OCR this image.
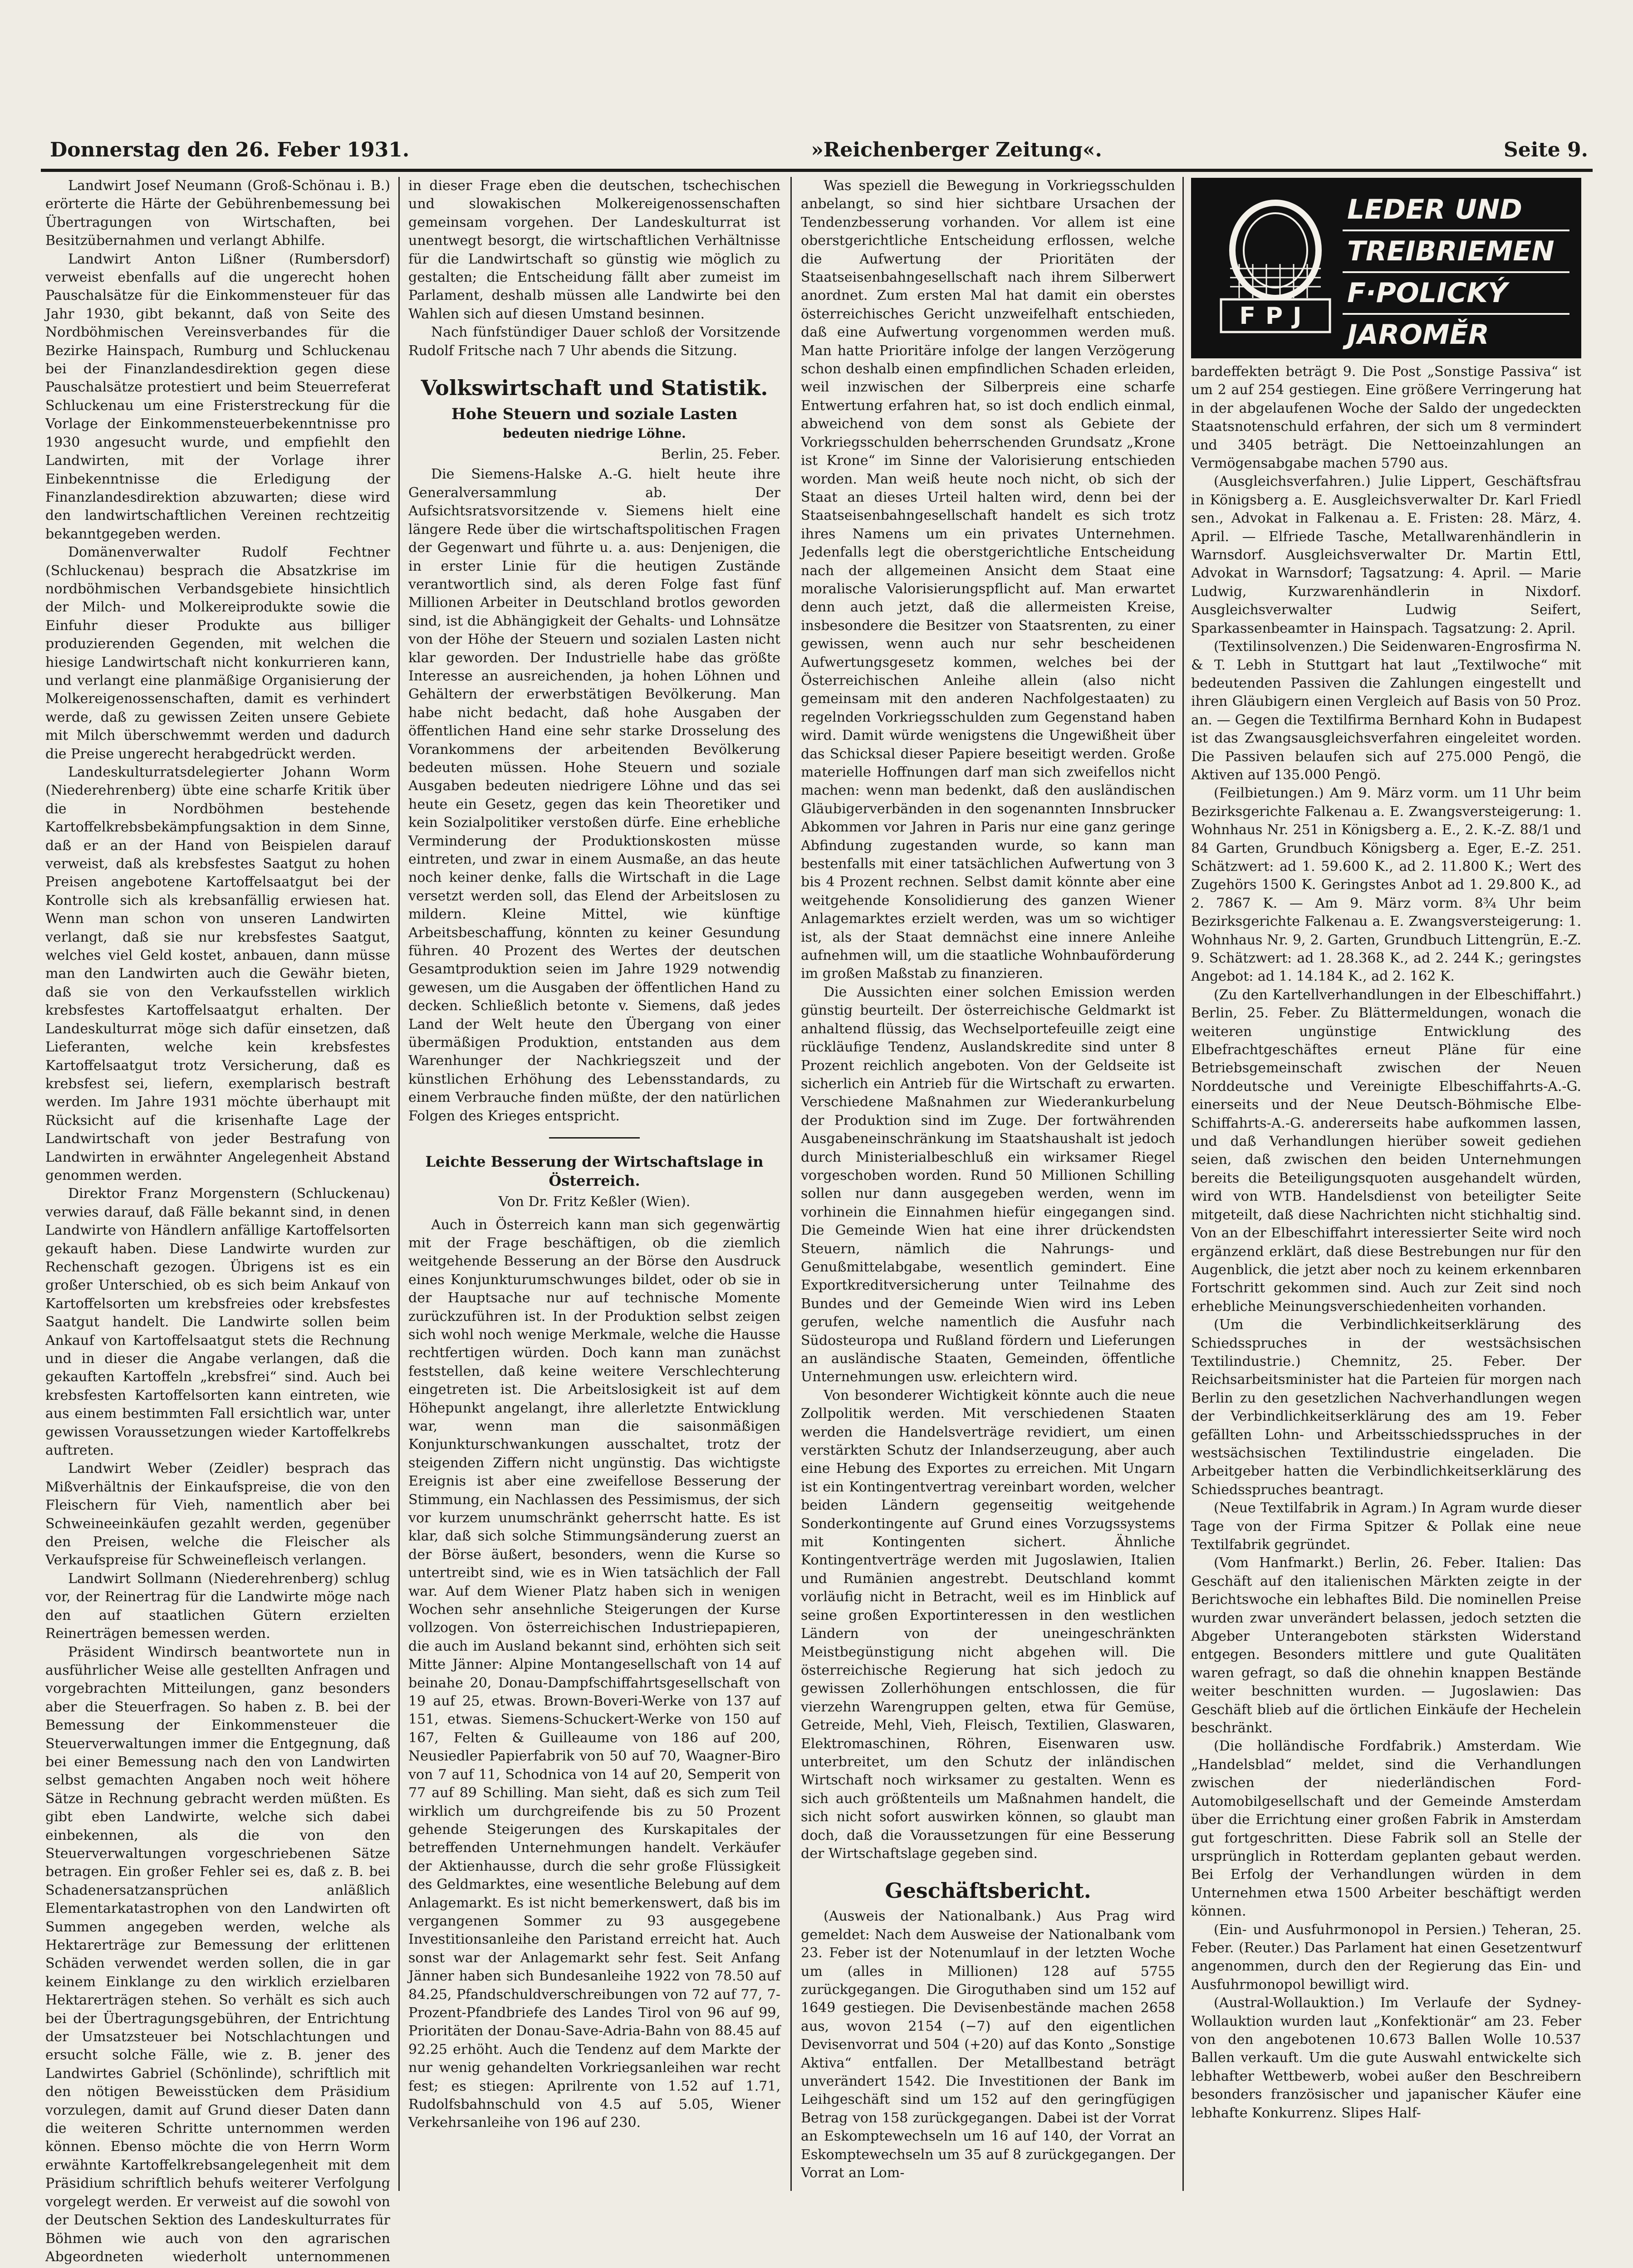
Donnerstag den 26. Feber 1931.	»Reichenberger Zeitung«.	Seite 9.

Landwirt Josef Neumann (Groß-Schönau i. B.) erörterte die Härte der Gebührenbemessung bei Übertragungen von Wirtschaften, bei Besitzübernahmen und verlangt Abhilfe.

Landwirt Anton Lißner (Rumbersdorf) verweist ebenfalls auf die ungerecht hohen Pauschalsätze für die Einkommensteuer für das Jahr 1930, gibt bekannt, daß von Seite des Nordböhmischen Vereinsverbandes für die Bezirke Hainspach, Rumburg und Schluckenau bei der Finanzlandesdirektion gegen diese Pauschalsätze protestiert und beim Steuerreferat Schluckenau um eine Fristerstreckung für die Vorlage der Einkommensteuerbekenntnisse pro 1930 angesucht wurde, und empfiehlt den Landwirten, mit der Vorlage ihrer Einbekenntnisse die Erledigung der Finanzlandesdirektion abzuwarten; diese wird den landwirtschaftlichen Vereinen rechtzeitig bekanntgegeben werden.

Domänenverwalter Rudolf Fechtner (Schluckenau) besprach die Absatzkrise im nordböhmischen Verbandsgebiete hinsichtlich der Milch- und Molkereiprodukte sowie die Einfuhr dieser Produkte aus billiger produzierenden Gegenden, mit welchen die hiesige Landwirtschaft nicht konkurrieren kann, und verlangt eine planmäßige Organisierung der Molkereigenossenschaften, damit es verhindert werde, daß zu gewissen Zeiten unsere Gebiete mit Milch überschwemmt werden und dadurch die Preise ungerecht herabgedrückt werden.

Landeskulturratsdelegierter Johann Worm (Niederehrenberg) übte eine scharfe Kritik über die in Nordböhmen bestehende Kartoffelkrebsbekämpfungsaktion in dem Sinne, daß er an der Hand von Beispielen darauf verweist, daß als krebsfestes Saatgut zu hohen Preisen angebotene Kartoffelsaatgut bei der Kontrolle sich als krebsanfällig erwiesen hat. Wenn man schon von unseren Landwirten verlangt, daß sie nur krebsfestes Saatgut, welches viel Geld kostet, anbauen, dann müsse man den Landwirten auch die Gewähr bieten, daß sie von den Verkaufsstellen wirklich krebsfestes Kartoffelsaatgut erhalten. Der Landeskulturrat möge sich dafür einsetzen, daß Lieferanten, welche kein krebsfestes Kartoffelsaatgut trotz Versicherung, daß es krebsfest sei, liefern, exemplarisch bestraft werden. Im Jahre 1931 möchte überhaupt mit Rücksicht auf die krisenhafte Lage der Landwirtschaft von jeder Bestrafung von Landwirten in erwähnter Angelegenheit Abstand genommen werden.

Direktor Franz Morgenstern (Schluckenau) verwies darauf, daß Fälle bekannt sind, in denen Landwirte von Händlern anfällige Kartoffelsorten gekauft haben. Diese Landwirte wurden zur Rechenschaft gezogen. Übrigens ist es ein großer Unterschied, ob es sich beim Ankauf von Kartoffelsorten um krebsfreies oder krebsfestes Saatgut handelt. Die Landwirte sollen beim Ankauf von Kartoffelsaatgut stets die Rechnung und in dieser die Angabe verlangen, daß die gekauften Kartoffeln „krebsfrei“ sind. Auch bei krebsfesten Kartoffelsorten kann eintreten, wie aus einem bestimmten Fall ersichtlich war, unter gewissen Voraussetzungen wieder Kartoffelkrebs auftreten.

Landwirt Weber (Zeidler) besprach das Mißverhältnis der Einkaufspreise, die von den Fleischern für Vieh, namentlich aber bei Schweineeinkäufen gezahlt werden, gegenüber den Preisen, welche die Fleischer als Verkaufspreise für Schweinefleisch verlangen.

Landwirt Sollmann (Niederehrenberg) schlug vor, der Reinertrag für die Landwirte möge nach den auf staatlichen Gütern erzielten Reinerträgen bemessen werden.

Präsident Windirsch beantwortete nun in ausführlicher Weise alle gestellten Anfragen und vorgebrachten Mitteilungen, ganz besonders aber die Steuerfragen. So haben z. B. bei der Bemessung der Einkommensteuer die Steuerverwaltungen immer die Entgegnung, daß bei einer Bemessung nach den von Landwirten selbst gemachten Angaben noch weit höhere Sätze in Rechnung gebracht werden müßten. Es gibt eben Landwirte, welche sich dabei einbekennen, als die von den Steuerverwaltungen vorgeschriebenen Sätze betragen. Ein großer Fehler sei es, daß z. B. bei Schadenersatzansprüchen anläßlich Elementarkatastrophen von den Landwirten oft Summen angegeben werden, welche als Hektarerträge zur Bemessung der erlittenen Schäden verwendet werden sollen, die in gar keinem Einklange zu den wirklich erzielbaren Hektarerträgen stehen. So verhält es sich auch bei der Übertragungsgebühren, der Entrichtung der Umsatzsteuer bei Notschlachtungen und ersucht solche Fälle, wie z. B. jener des Landwirtes Gabriel (Schönlinde), schriftlich mit den nötigen Beweisstücken dem Präsidium vorzulegen, damit auf Grund dieser Daten dann die weiteren Schritte unternommen werden können. Ebenso möchte die von Herrn Worm erwähnte Kartoffelkrebsangelegenheit mit dem Präsidium schriftlich behufs weiterer Verfolgung vorgelegt werden. Er verweist auf die sowohl von der Deutschen Sektion des Landeskulturrates für Böhmen wie auch von den agrarischen Abgeordneten wiederholt unternommenen

in dieser Frage eben die deutschen, tschechischen und slowakischen Molkereigenossenschaften gemeinsam vorgehen. Der Landeskulturrat ist unentwegt besorgt, die wirtschaftlichen Verhältnisse für die Landwirtschaft so günstig wie möglich zu gestalten; die Entscheidung fällt aber zumeist im Parlament, deshalb müssen alle Landwirte bei den Wahlen sich auf diesen Umstand besinnen.

Nach fünfstündiger Dauer schloß der Vorsitzende Rudolf Fritsche nach 7 Uhr abends die Sitzung.

Volkswirtschaft und Statistik.
Hohe Steuern und soziale Lasten
bedeuten niedrige Löhne.
Berlin, 25. Feber.

Die Siemens-Halske A.-G. hielt heute ihre Generalversammlung ab. Der Aufsichtsratsvorsitzende v. Siemens hielt eine längere Rede über die wirtschaftspolitischen Fragen der Gegenwart und führte u. a. aus: Denjenigen, die in erster Linie für die heutigen Zustände verantwortlich sind, als deren Folge fast fünf Millionen Arbeiter in Deutschland brotlos geworden sind, ist die Abhängigkeit der Gehalts- und Lohnsätze von der Höhe der Steuern und sozialen Lasten nicht klar geworden. Der Industrielle habe das größte Interesse an ausreichenden, ja hohen Löhnen und Gehältern der erwerbstätigen Bevölkerung. Man habe nicht bedacht, daß hohe Ausgaben der öffentlichen Hand eine sehr starke Drosselung des Vorankommens der arbeitenden Bevölkerung bedeuten müssen. Hohe Steuern und soziale Ausgaben bedeuten niedrigere Löhne und das sei heute ein Gesetz, gegen das kein Theoretiker und kein Sozialpolitiker verstoßen dürfe. Eine erhebliche Verminderung der Produktionskosten müsse eintreten, und zwar in einem Ausmaße, an das heute noch keiner denke, falls die Wirtschaft in die Lage versetzt werden soll, das Elend der Arbeitslosen zu mildern. Kleine Mittel, wie künftige Arbeitsbeschaffung, könnten zu keiner Gesundung führen. 40 Prozent des Wertes der deutschen Gesamtproduktion seien im Jahre 1929 notwendig gewesen, um die Ausgaben der öffentlichen Hand zu decken. Schließlich betonte v. Siemens, daß jedes Land der Welt heute den Übergang von einer übermäßigen Produktion, entstanden aus dem Warenhunger der Nachkriegszeit und der künstlichen Erhöhung des Lebensstandards, zu einem Verbrauche finden müßte, der den natürlichen Folgen des Krieges entspricht.

Leichte Besserung der Wirtschaftslage in Österreich.
Von Dr. Fritz Keßler (Wien).

Auch in Österreich kann man sich gegenwärtig mit der Frage beschäftigen, ob die ziemlich weitgehende Besserung an der Börse den Ausdruck eines Konjunkturumschwunges bildet, oder ob sie in der Hauptsache nur auf technische Momente zurückzuführen ist. In der Produktion selbst zeigen sich wohl noch wenige Merkmale, welche die Hausse rechtfertigen würden. Doch kann man zunächst feststellen, daß keine weitere Verschlechterung eingetreten ist. Die Arbeitslosigkeit ist auf dem Höhepunkt angelangt, ihre allerletzte Entwicklung war, wenn man die saisonmäßigen Konjunkturschwankungen ausschaltet, trotz der steigenden Ziffern nicht ungünstig. Das wichtigste Ereignis ist aber eine zweifellose Besserung der Stimmung, ein Nachlassen des Pessimismus, der sich vor kurzem unumschränkt geherrscht hatte. Es ist klar, daß sich solche Stimmungsänderung zuerst an der Börse äußert, besonders, wenn die Kurse so untertreibt sind, wie es in Wien tatsächlich der Fall war. Auf dem Wiener Platz haben sich in wenigen Wochen sehr ansehnliche Steigerungen der Kurse vollzogen. Von österreichischen Industriepapieren, die auch im Ausland bekannt sind, erhöhten sich seit Mitte Jänner: Alpine Montangesellschaft von 14 auf beinahe 20, Donau-Dampfschiffahrtsgesellschaft von 19 auf 25, etwas. Brown-Boveri-Werke von 137 auf 151, etwas. Siemens-Schuckert-Werke von 150 auf 167, Felten & Guilleaume von 186 auf 200, Neusiedler Papierfabrik von 50 auf 70, Waagner-Biro von 7 auf 11, Schodnica von 14 auf 20, Semperit von 77 auf 89 Schilling. Man sieht, daß es sich zum Teil wirklich um durchgreifende bis zu 50 Prozent gehende Steigerungen des Kurskapitales der betreffenden Unternehmungen handelt. Verkäufer der Aktienhausse, durch die sehr große Flüssigkeit des Geldmarktes, eine wesentliche Belebung auf dem Anlagemarkt. Es ist nicht bemerkenswert, daß bis im vergangenen Sommer zu 93 ausgegebene Investitionsanleihe den Paristand erreicht hat. Auch sonst war der Anlagemarkt sehr fest. Seit Anfang Jänner haben sich Bundesanleihe 1922 von 78.50 auf 84.25, Pfandschuldverschreibungen von 72 auf 77, 7-Prozent-Pfandbriefe des Landes Tirol von 96 auf 99, Prioritäten der Donau-Save-Adria-Bahn von 88.45 auf 92.25 erhöht. Auch die Tendenz auf dem Markte der nur wenig gehandelten Vorkriegsanleihen war recht fest; es stiegen: Aprilrente von 1.52 auf 1.71, Rudolfsbahnschuld von 4.5 auf 5.05, Wiener Verkehrsanleihe von 196 auf 230.

Was speziell die Bewegung in Vorkriegsschulden anbelangt, so sind hier sichtbare Ursachen der Tendenzbesserung vorhanden. Vor allem ist eine oberstgerichtliche Entscheidung erflossen, welche die Aufwertung der Prioritäten der Staatseisenbahngesellschaft nach ihrem Silberwert anordnet. Zum ersten Mal hat damit ein oberstes österreichisches Gericht unzweifelhaft entschieden, daß eine Aufwertung vorgenommen werden muß. Man hatte Prioritäre infolge der langen Verzögerung schon deshalb einen empfindlichen Schaden erleiden, weil inzwischen der Silberpreis eine scharfe Entwertung erfahren hat, so ist doch endlich einmal, abweichend von dem sonst als Gebiete der Vorkriegsschulden beherrschenden Grundsatz „Krone ist Krone“ im Sinne der Valorisierung entschieden worden. Man weiß heute noch nicht, ob sich der Staat an dieses Urteil halten wird, denn bei der Staatseisenbahngesellschaft handelt es sich trotz ihres Namens um ein privates Unternehmen. Jedenfalls legt die oberstgerichtliche Entscheidung nach der allgemeinen Ansicht dem Staat eine moralische Valorisierungspflicht auf. Man erwartet denn auch jetzt, daß die allermeisten Kreise, insbesondere die Besitzer von Staatsrenten, zu einer gewissen, wenn auch nur sehr bescheidenen Aufwertungsgesetz kommen, welches bei der Österreichischen Anleihe allein (also nicht gemeinsam mit den anderen Nachfolgestaaten) zu regelnden Vorkriegsschulden zum Gegenstand haben wird. Damit würde wenigstens die Ungewißheit über das Schicksal dieser Papiere beseitigt werden. Große materielle Hoffnungen darf man sich zweifellos nicht machen: wenn man bedenkt, daß den ausländischen Gläubigerverbänden in den sogenannten Innsbrucker Abkommen vor Jahren in Paris nur eine ganz geringe Abfindung zugestanden wurde, so kann man bestenfalls mit einer tatsächlichen Aufwertung von 3 bis 4 Prozent rechnen. Selbst damit könnte aber eine weitgehende Konsolidierung des ganzen Wiener Anlagemarktes erzielt werden, was um so wichtiger ist, als der Staat demnächst eine innere Anleihe aufnehmen will, um die staatliche Wohnbauförderung im großen Maßstab zu finanzieren.

Die Aussichten einer solchen Emission werden günstig beurteilt. Der österreichische Geldmarkt ist anhaltend flüssig, das Wechselportefeuille zeigt eine rückläufige Tendenz, Auslandskredite sind unter 8 Prozent reichlich angeboten. Von der Geldseite ist sicherlich ein Antrieb für die Wirtschaft zu erwarten. Verschiedene Maßnahmen zur Wiederankurbelung der Produktion sind im Zuge. Der fortwährenden Ausgabeneinschränkung im Staatshaushalt ist jedoch durch Ministerialbeschluß ein wirksamer Riegel vorgeschoben worden. Rund 50 Millionen Schilling sollen nur dann ausgegeben werden, wenn im vorhinein die Einnahmen hiefür eingegangen sind. Die Gemeinde Wien hat eine ihrer drückendsten Steuern, nämlich die Nahrungs- und Genußmittelabgabe, wesentlich gemindert. Eine Exportkreditversicherung unter Teilnahme des Bundes und der Gemeinde Wien wird ins Leben gerufen, welche namentlich die Ausfuhr nach Südosteuropa und Rußland fördern und Lieferungen an ausländische Staaten, Gemeinden, öffentliche Unternehmungen usw. erleichtern wird.

Von besonderer Wichtigkeit könnte auch die neue Zollpolitik werden. Mit verschiedenen Staaten werden die Handelsverträge revidiert, um einen verstärkten Schutz der Inlandserzeugung, aber auch eine Hebung des Exportes zu erreichen. Mit Ungarn ist ein Kontingentvertrag vereinbart worden, welcher beiden Ländern gegenseitig weitgehende Sonderkontingente auf Grund eines Vorzugssystems mit Kontingenten sichert. Ähnliche Kontingentverträge werden mit Jugoslawien, Italien und Rumänien angestrebt. Deutschland kommt vorläufig nicht in Betracht, weil es im Hinblick auf seine großen Exportinteressen in den westlichen Ländern von der uneingeschränkten Meistbegünstigung nicht abgehen will. Die österreichische Regierung hat sich jedoch zu gewissen Zollerhöhungen entschlossen, die für vierzehn Warengruppen gelten, etwa für Gemüse, Getreide, Mehl, Vieh, Fleisch, Textilien, Glaswaren, Elektromaschinen, Röhren, Eisenwaren usw. unterbreitet, um den Schutz der inländischen Wirtschaft noch wirksamer zu gestalten. Wenn es sich auch größtenteils um Maßnahmen handelt, die sich nicht sofort auswirken können, so glaubt man doch, daß die Voraussetzungen für eine Besserung der Wirtschaftslage gegeben sind.

Geschäftsbericht.

(Ausweis der Nationalbank.) Aus Prag wird gemeldet: Nach dem Ausweise der Nationalbank vom 23. Feber ist der Notenumlauf in der letzten Woche um (alles in Millionen) 128 auf 5755 zurückgegangen. Die Giroguthaben sind um 152 auf 1649 gestiegen. Die Devisenbestände machen 2658 aus, wovon 2154 (−7) auf den eigentlichen Devisenvorrat und 504 (+20) auf das Konto „Sonstige Aktiva“ entfallen. Der Metallbestand beträgt unverändert 1542. Die Investitionen der Bank im Leihgeschäft sind um 152 auf den geringfügigen Betrag von 158 zurückgegangen. Dabei ist der Vorrat an Eskomptewechseln um 16 auf 140, der Vorrat an Eskomptewechseln um 35 auf 8 zurückgegangen. Der Vorrat an Lom-

FPJ
LEDER UND
TREIBRIEMEN
F·POLICKÝ
JAROMĚR

bardeffekten beträgt 9. Die Post „Sonstige Passiva“ ist um 2 auf 254 gestiegen. Eine größere Verringerung hat in der abgelaufenen Woche der Saldo der ungedeckten Staatsnotenschuld erfahren, der sich um 8 vermindert und 3405 beträgt. Die Nettoeinzahlungen an Vermögensabgabe machen 5790 aus.

(Ausgleichsverfahren.) Julie Lippert, Geschäftsfrau in Königsberg a. E. Ausgleichsverwalter Dr. Karl Friedl sen., Advokat in Falkenau a. E. Fristen: 28. März, 4. April. — Elfriede Tasche, Metallwarenhändlerin in Warnsdorf. Ausgleichsverwalter Dr. Martin Ettl, Advokat in Warnsdorf; Tagsatzung: 4. April. — Marie Ludwig, Kurzwarenhändlerin in Nixdorf. Ausgleichsverwalter Ludwig Seifert, Sparkassenbeamter in Hainspach. Tagsatzung: 2. April.

(Textilinsolvenzen.) Die Seidenwaren-Engrosfirma N. & T. Lebh in Stuttgart hat laut „Textilwoche“ mit bedeutenden Passiven die Zahlungen eingestellt und ihren Gläubigern einen Vergleich auf Basis von 50 Proz. an. — Gegen die Textilfirma Bernhard Kohn in Budapest ist das Zwangsausgleichsverfahren eingeleitet worden. Die Passiven belaufen sich auf 275.000 Pengö, die Aktiven auf 135.000 Pengö.

(Feilbietungen.) Am 9. März vorm. um 11 Uhr beim Bezirksgerichte Falkenau a. E. Zwangsversteigerung: 1. Wohnhaus Nr. 251 in Königsberg a. E., 2. K.-Z. 88/1 und 84 Garten, Grundbuch Königsberg a. Eger, E.-Z. 251. Schätzwert: ad 1. 59.600 K., ad 2. 11.800 K.; Wert des Zugehörs 1500 K. Geringstes Anbot ad 1. 29.800 K., ad 2. 7867 K. — Am 9. März vorm. 8¾ Uhr beim Bezirksgerichte Falkenau a. E. Zwangsversteigerung: 1. Wohnhaus Nr. 9, 2. Garten, Grundbuch Littengrün, E.-Z. 9. Schätzwert: ad 1. 28.368 K., ad 2. 244 K.; geringstes Angebot: ad 1. 14.184 K., ad 2. 162 K.

(Zu den Kartellverhandlungen in der Elbeschiffahrt.) Berlin, 25. Feber. Zu Blättermeldungen, wonach die weiteren ungünstige Entwicklung des Elbefrachtgeschäftes erneut Pläne für eine Betriebsgemeinschaft zwischen der Neuen Norddeutsche und Vereinigte Elbeschiffahrts-A.-G. einerseits und der Neue Deutsch-Böhmische Elbe-Schiffahrts-A.-G. andererseits habe aufkommen lassen, und daß Verhandlungen hierüber soweit gediehen seien, daß zwischen den beiden Unternehmungen bereits die Beteiligungsquoten ausgehandelt würden, wird von WTB. Handelsdienst von beteiligter Seite mitgeteilt, daß diese Nachrichten nicht stichhaltig sind. Von an der Elbeschiffahrt interessierter Seite wird noch ergänzend erklärt, daß diese Bestrebungen nur für den Augenblick, die jetzt aber noch zu keinem erkennbaren Fortschritt gekommen sind. Auch zur Zeit sind noch erhebliche Meinungsverschiedenheiten vorhanden.

(Um die Verbindlichkeitserklärung des Schiedsspruches in der westsächsischen Textilindustrie.) Chemnitz, 25. Feber. Der Reichsarbeitsminister hat die Parteien für morgen nach Berlin zu den gesetzlichen Nachverhandlungen wegen der Verbindlichkeitserklärung des am 19. Feber gefällten Lohn- und Arbeitsschiedsspruches in der westsächsischen Textilindustrie eingeladen. Die Arbeitgeber hatten die Verbindlichkeitserklärung des Schiedsspruches beantragt.

(Neue Textilfabrik in Agram.) In Agram wurde dieser Tage von der Firma Spitzer & Pollak eine neue Textilfabrik gegründet.

(Vom Hanfmarkt.) Berlin, 26. Feber. Italien: Das Geschäft auf den italienischen Märkten zeigte in der Berichtswoche ein lebhaftes Bild. Die nominellen Preise wurden zwar unverändert belassen, jedoch setzten die Abgeber Unterangeboten stärksten Widerstand entgegen. Besonders mittlere und gute Qualitäten waren gefragt, so daß die ohnehin knappen Bestände weiter beschnitten wurden. — Jugoslawien: Das Geschäft blieb auf die örtlichen Einkäufe der Hechelein beschränkt.

(Die holländische Fordfabrik.) Amsterdam. Wie „Handelsblad“ meldet, sind die Verhandlungen zwischen der niederländischen Ford-Automobilgesellschaft und der Gemeinde Amsterdam über die Errichtung einer großen Fabrik in Amsterdam gut fortgeschritten. Diese Fabrik soll an Stelle der ursprünglich in Rotterdam geplanten gebaut werden. Bei Erfolg der Verhandlungen würden in dem Unternehmen etwa 1500 Arbeiter beschäftigt werden können.

(Ein- und Ausfuhrmonopol in Persien.) Teheran, 25. Feber. (Reuter.) Das Parlament hat einen Gesetzentwurf angenommen, durch den der Regierung das Ein- und Ausfuhrmonopol bewilligt wird.

(Austral-Wollauktion.) Im Verlaufe der Sydney-Wollauktion wurden laut „Konfektionär“ am 23. Feber von den angebotenen 10.673 Ballen Wolle 10.537 Ballen verkauft. Um die gute Auswahl entwickelte sich lebhafter Wettbewerb, wobei außer den Beschreibern besonders französischer und japanischer Käufer eine lebhafte Konkurrenz. Slipes Half-
